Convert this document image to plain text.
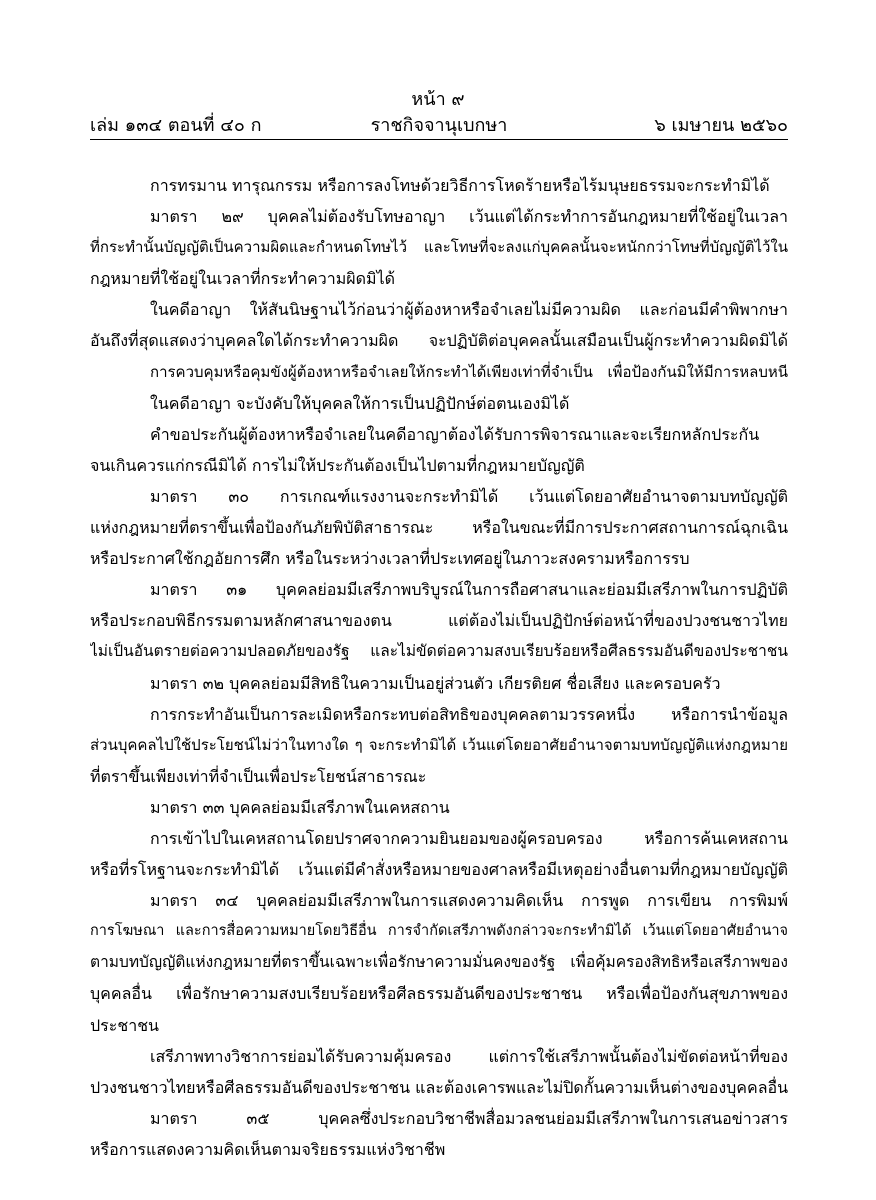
หน้า ๙
เล่ม ๑๓๔ ตอนที่ ๔๐ ก	ราชกิจจานุเบกษา	๖ เมษายน ๒๕๖๐
การทรมาน ทารุณกรรม หรือการลงโทษด้วยวิธีการโหดร้ายหรือไร้มนุษยธรรมจะกระทำมิได้
มาตรา ๒๙ บุคคลไม่ต้องรับโทษอาญา เว้นแต่ได้กระทำการอันกฎหมายที่ใช้อยู่ในเวลา
ที่กระทำนั้นบัญญัติเป็นความผิดและกำหนดโทษไว้ และโทษที่จะลงแก่บุคคลนั้นจะหนักกว่าโทษที่บัญญัติไว้ใน
กฎหมายที่ใช้อยู่ในเวลาที่กระทำความผิดมิได้
ในคดีอาญา ให้สันนิษฐานไว้ก่อนว่าผู้ต้องหาหรือจำเลยไม่มีความผิด และก่อนมีคำพิพากษา
อันถึงที่สุดแสดงว่าบุคคลใดได้กระทำความผิด จะปฏิบัติต่อบุคคลนั้นเสมือนเป็นผู้กระทำความผิดมิได้
การควบคุมหรือคุมขังผู้ต้องหาหรือจำเลยให้กระทำได้เพียงเท่าที่จำเป็น เพื่อป้องกันมิให้มีการหลบหนี
ในคดีอาญา จะบังคับให้บุคคลให้การเป็นปฏิปักษ์ต่อตนเองมิได้
คำขอประกันผู้ต้องหาหรือจำเลยในคดีอาญาต้องได้รับการพิจารณาและจะเรียกหลักประกัน
จนเกินควรแก่กรณีมิได้ การไม่ให้ประกันต้องเป็นไปตามที่กฎหมายบัญญัติ
มาตรา ๓๐ การเกณฑ์แรงงานจะกระทำมิได้ เว้นแต่โดยอาศัยอำนาจตามบทบัญญัติ
แห่งกฎหมายที่ตราขึ้นเพื่อป้องกันภัยพิบัติสาธารณะ หรือในขณะที่มีการประกาศสถานการณ์ฉุกเฉิน
หรือประกาศใช้กฎอัยการศึก หรือในระหว่างเวลาที่ประเทศอยู่ในภาวะสงครามหรือการรบ
มาตรา ๓๑ บุคคลย่อมมีเสรีภาพบริบูรณ์ในการถือศาสนาและย่อมมีเสรีภาพในการปฏิบัติ
หรือประกอบพิธีกรรมตามหลักศาสนาของตน แต่ต้องไม่เป็นปฏิปักษ์ต่อหน้าที่ของปวงชนชาวไทย
ไม่เป็นอันตรายต่อความปลอดภัยของรัฐ และไม่ขัดต่อความสงบเรียบร้อยหรือศีลธรรมอันดีของประชาชน
มาตรา ๓๒ บุคคลย่อมมีสิทธิในความเป็นอยู่ส่วนตัว เกียรติยศ ชื่อเสียง และครอบครัว
การกระทำอันเป็นการละเมิดหรือกระทบต่อสิทธิของบุคคลตามวรรคหนึ่ง หรือการนำข้อมูล
ส่วนบุคคลไปใช้ประโยชน์ไม่ว่าในทางใด ๆ จะกระทำมิได้ เว้นแต่โดยอาศัยอำนาจตามบทบัญญัติแห่งกฎหมาย
ที่ตราขึ้นเพียงเท่าที่จำเป็นเพื่อประโยชน์สาธารณะ
มาตรา ๓๓ บุคคลย่อมมีเสรีภาพในเคหสถาน
การเข้าไปในเคหสถานโดยปราศจากความยินยอมของผู้ครอบครอง หรือการค้นเคหสถาน
หรือที่รโหฐานจะกระทำมิได้ เว้นแต่มีคำสั่งหรือหมายของศาลหรือมีเหตุอย่างอื่นตามที่กฎหมายบัญญัติ
มาตรา ๓๔ บุคคลย่อมมีเสรีภาพในการแสดงความคิดเห็น การพูด การเขียน การพิมพ์
การโฆษณา และการสื่อความหมายโดยวิธีอื่น การจำกัดเสรีภาพดังกล่าวจะกระทำมิได้ เว้นแต่โดยอาศัยอำนาจ
ตามบทบัญญัติแห่งกฎหมายที่ตราขึ้นเฉพาะเพื่อรักษาความมั่นคงของรัฐ เพื่อคุ้มครองสิทธิหรือเสรีภาพของ
บุคคลอื่น เพื่อรักษาความสงบเรียบร้อยหรือศีลธรรมอันดีของประชาชน หรือเพื่อป้องกันสุขภาพของ
ประชาชน
เสรีภาพทางวิชาการย่อมได้รับความคุ้มครอง แต่การใช้เสรีภาพนั้นต้องไม่ขัดต่อหน้าที่ของ
ปวงชนชาวไทยหรือศีลธรรมอันดีของประชาชน และต้องเคารพและไม่ปิดกั้นความเห็นต่างของบุคคลอื่น
มาตรา ๓๕ บุคคลซึ่งประกอบวิชาชีพสื่อมวลชนย่อมมีเสรีภาพในการเสนอข่าวสาร
หรือการแสดงความคิดเห็นตามจริยธรรมแห่งวิชาชีพ
